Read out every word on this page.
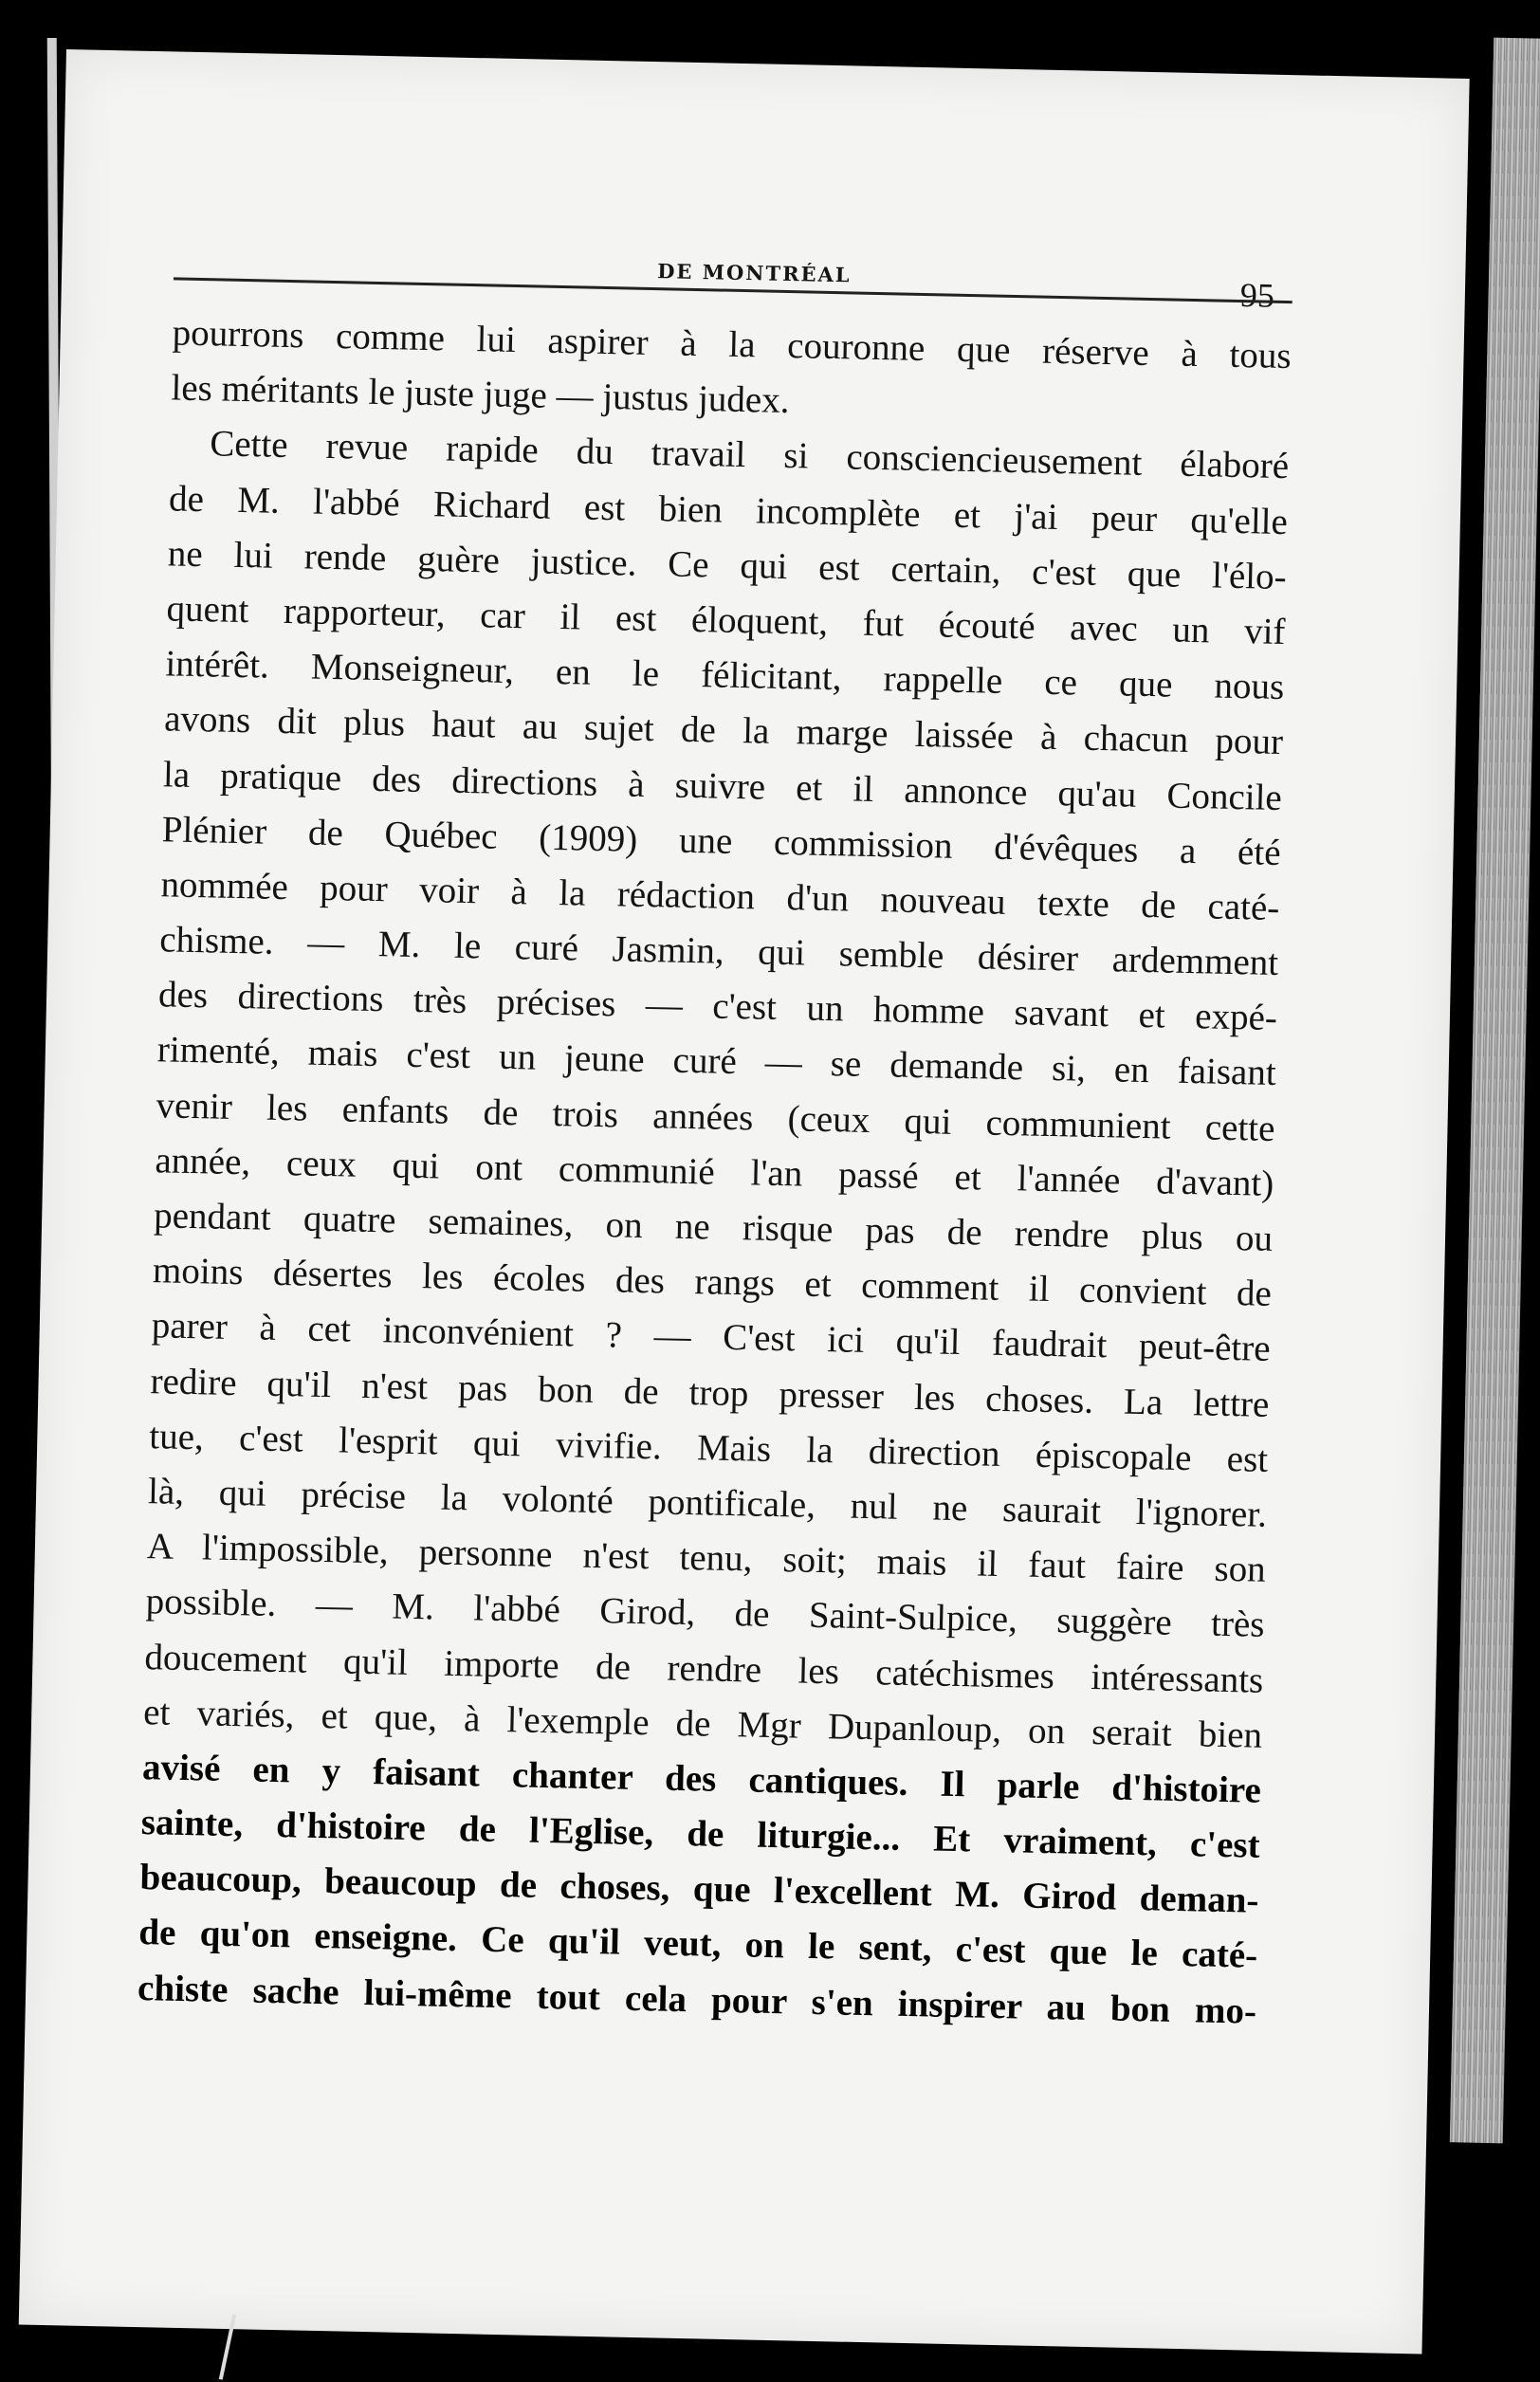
DE MONTRÉAL
95
pourrons comme lui aspirer à la couronne que réserve à tous
les méritants le juste juge — justus judex.
Cette revue rapide du travail si consciencieusement élaboré
de M. l'abbé Richard est bien incomplète et j'ai peur qu'elle
ne lui rende guère justice. Ce qui est certain, c'est que l'élo-
quent rapporteur, car il est éloquent, fut écouté avec un vif
intérêt. Monseigneur, en le félicitant, rappelle ce que nous
avons dit plus haut au sujet de la marge laissée à chacun pour
la pratique des directions à suivre et il annonce qu'au Concile
Plénier de Québec (1909) une commission d'évêques a été
nommée pour voir à la rédaction d'un nouveau texte de caté-
chisme. — M. le curé Jasmin, qui semble désirer ardemment
des directions très précises — c'est un homme savant et expé-
rimenté, mais c'est un jeune curé — se demande si, en faisant
venir les enfants de trois années (ceux qui communient cette
année, ceux qui ont communié l'an passé et l'année d'avant)
pendant quatre semaines, on ne risque pas de rendre plus ou
moins désertes les écoles des rangs et comment il convient de
parer à cet inconvénient ? — C'est ici qu'il faudrait peut-être
redire qu'il n'est pas bon de trop presser les choses. La lettre
tue, c'est l'esprit qui vivifie. Mais la direction épiscopale est
là, qui précise la volonté pontificale, nul ne saurait l'ignorer.
A l'impossible, personne n'est tenu, soit; mais il faut faire son
possible. — M. l'abbé Girod, de Saint-Sulpice, suggère très
doucement qu'il importe de rendre les catéchismes intéressants
et variés, et que, à l'exemple de Mgr Dupanloup, on serait bien
avisé en y faisant chanter des cantiques. Il parle d'histoire
sainte, d'histoire de l'Eglise, de liturgie... Et vraiment, c'est
beaucoup, beaucoup de choses, que l'excellent M. Girod deman-
de qu'on enseigne. Ce qu'il veut, on le sent, c'est que le caté-
chiste sache lui-même tout cela pour s'en inspirer au bon mo-
